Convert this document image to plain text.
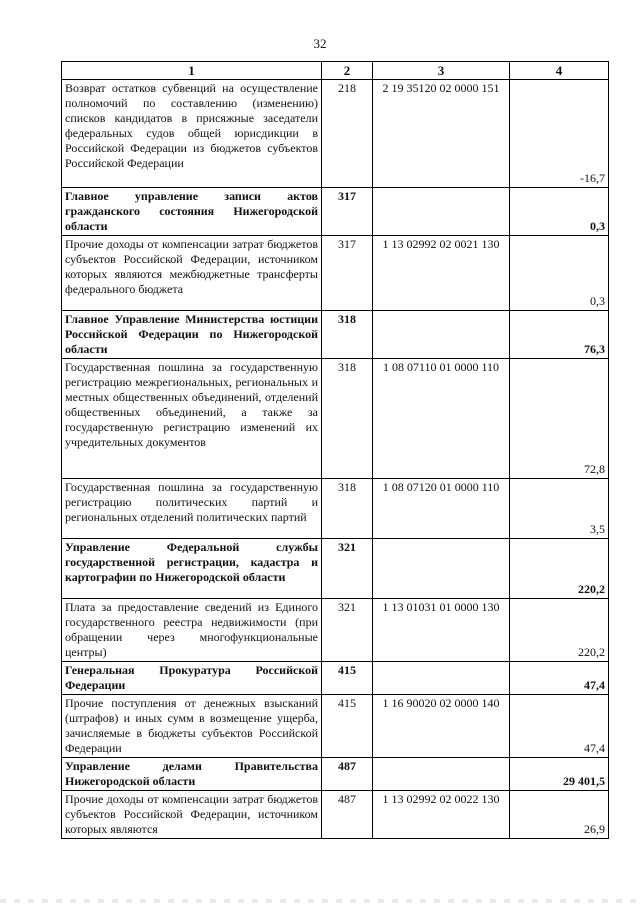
32
1	2	3	4
Возврат остатков субвенций на осуществление полномочий по составлению (изменению) списков кандидатов в присяжные заседатели федеральных судов общей юрисдикции в Российской Федерации из бюджетов субъектов Российской Федерации	218	2 19 35120 02 0000 151	-16,7
Главное управление записи актов гражданского состояния Нижегородской области	317		0,3
Прочие доходы от компенсации затрат бюджетов субъектов Российской Федерации, источником которых являются межбюджетные трансферты федерального бюджета	317	1 13 02992 02 0021 130	0,3
Главное Управление Министерства юстиции Российской Федерации по Нижегородской области	318		76,3
Государственная пошлина за государственную регистрацию межрегиональных, региональных и местных общественных объединений, отделений общественных объединений, а также за государственную регистрацию изменений их учредительных документов	318	1 08 07110 01 0000 110	72,8
Государственная пошлина за государственную регистрацию политических партий и региональных отделений политических партий	318	1 08 07120 01 0000 110	3,5
Управление Федеральной службы государственной регистрации, кадастра и картографии по Нижегородской области	321		220,2
Плата за предоставление сведений из Единого государственного реестра недвижимости (при обращении через многофункциональные центры)	321	1 13 01031 01 0000 130	220,2
Генеральная Прокуратура Российской Федерации	415		47,4
Прочие поступления от денежных взысканий (штрафов) и иных сумм в возмещение ущерба, зачисляемые в бюджеты субъектов Российской Федерации	415	1 16 90020 02 0000 140	47,4
Управление делами Правительства Нижегородской области	487		29 401,5
Прочие доходы от компенсации затрат бюджетов субъектов Российской Федерации, источником которых являются	487	1 13 02992 02 0022 130	26,9
